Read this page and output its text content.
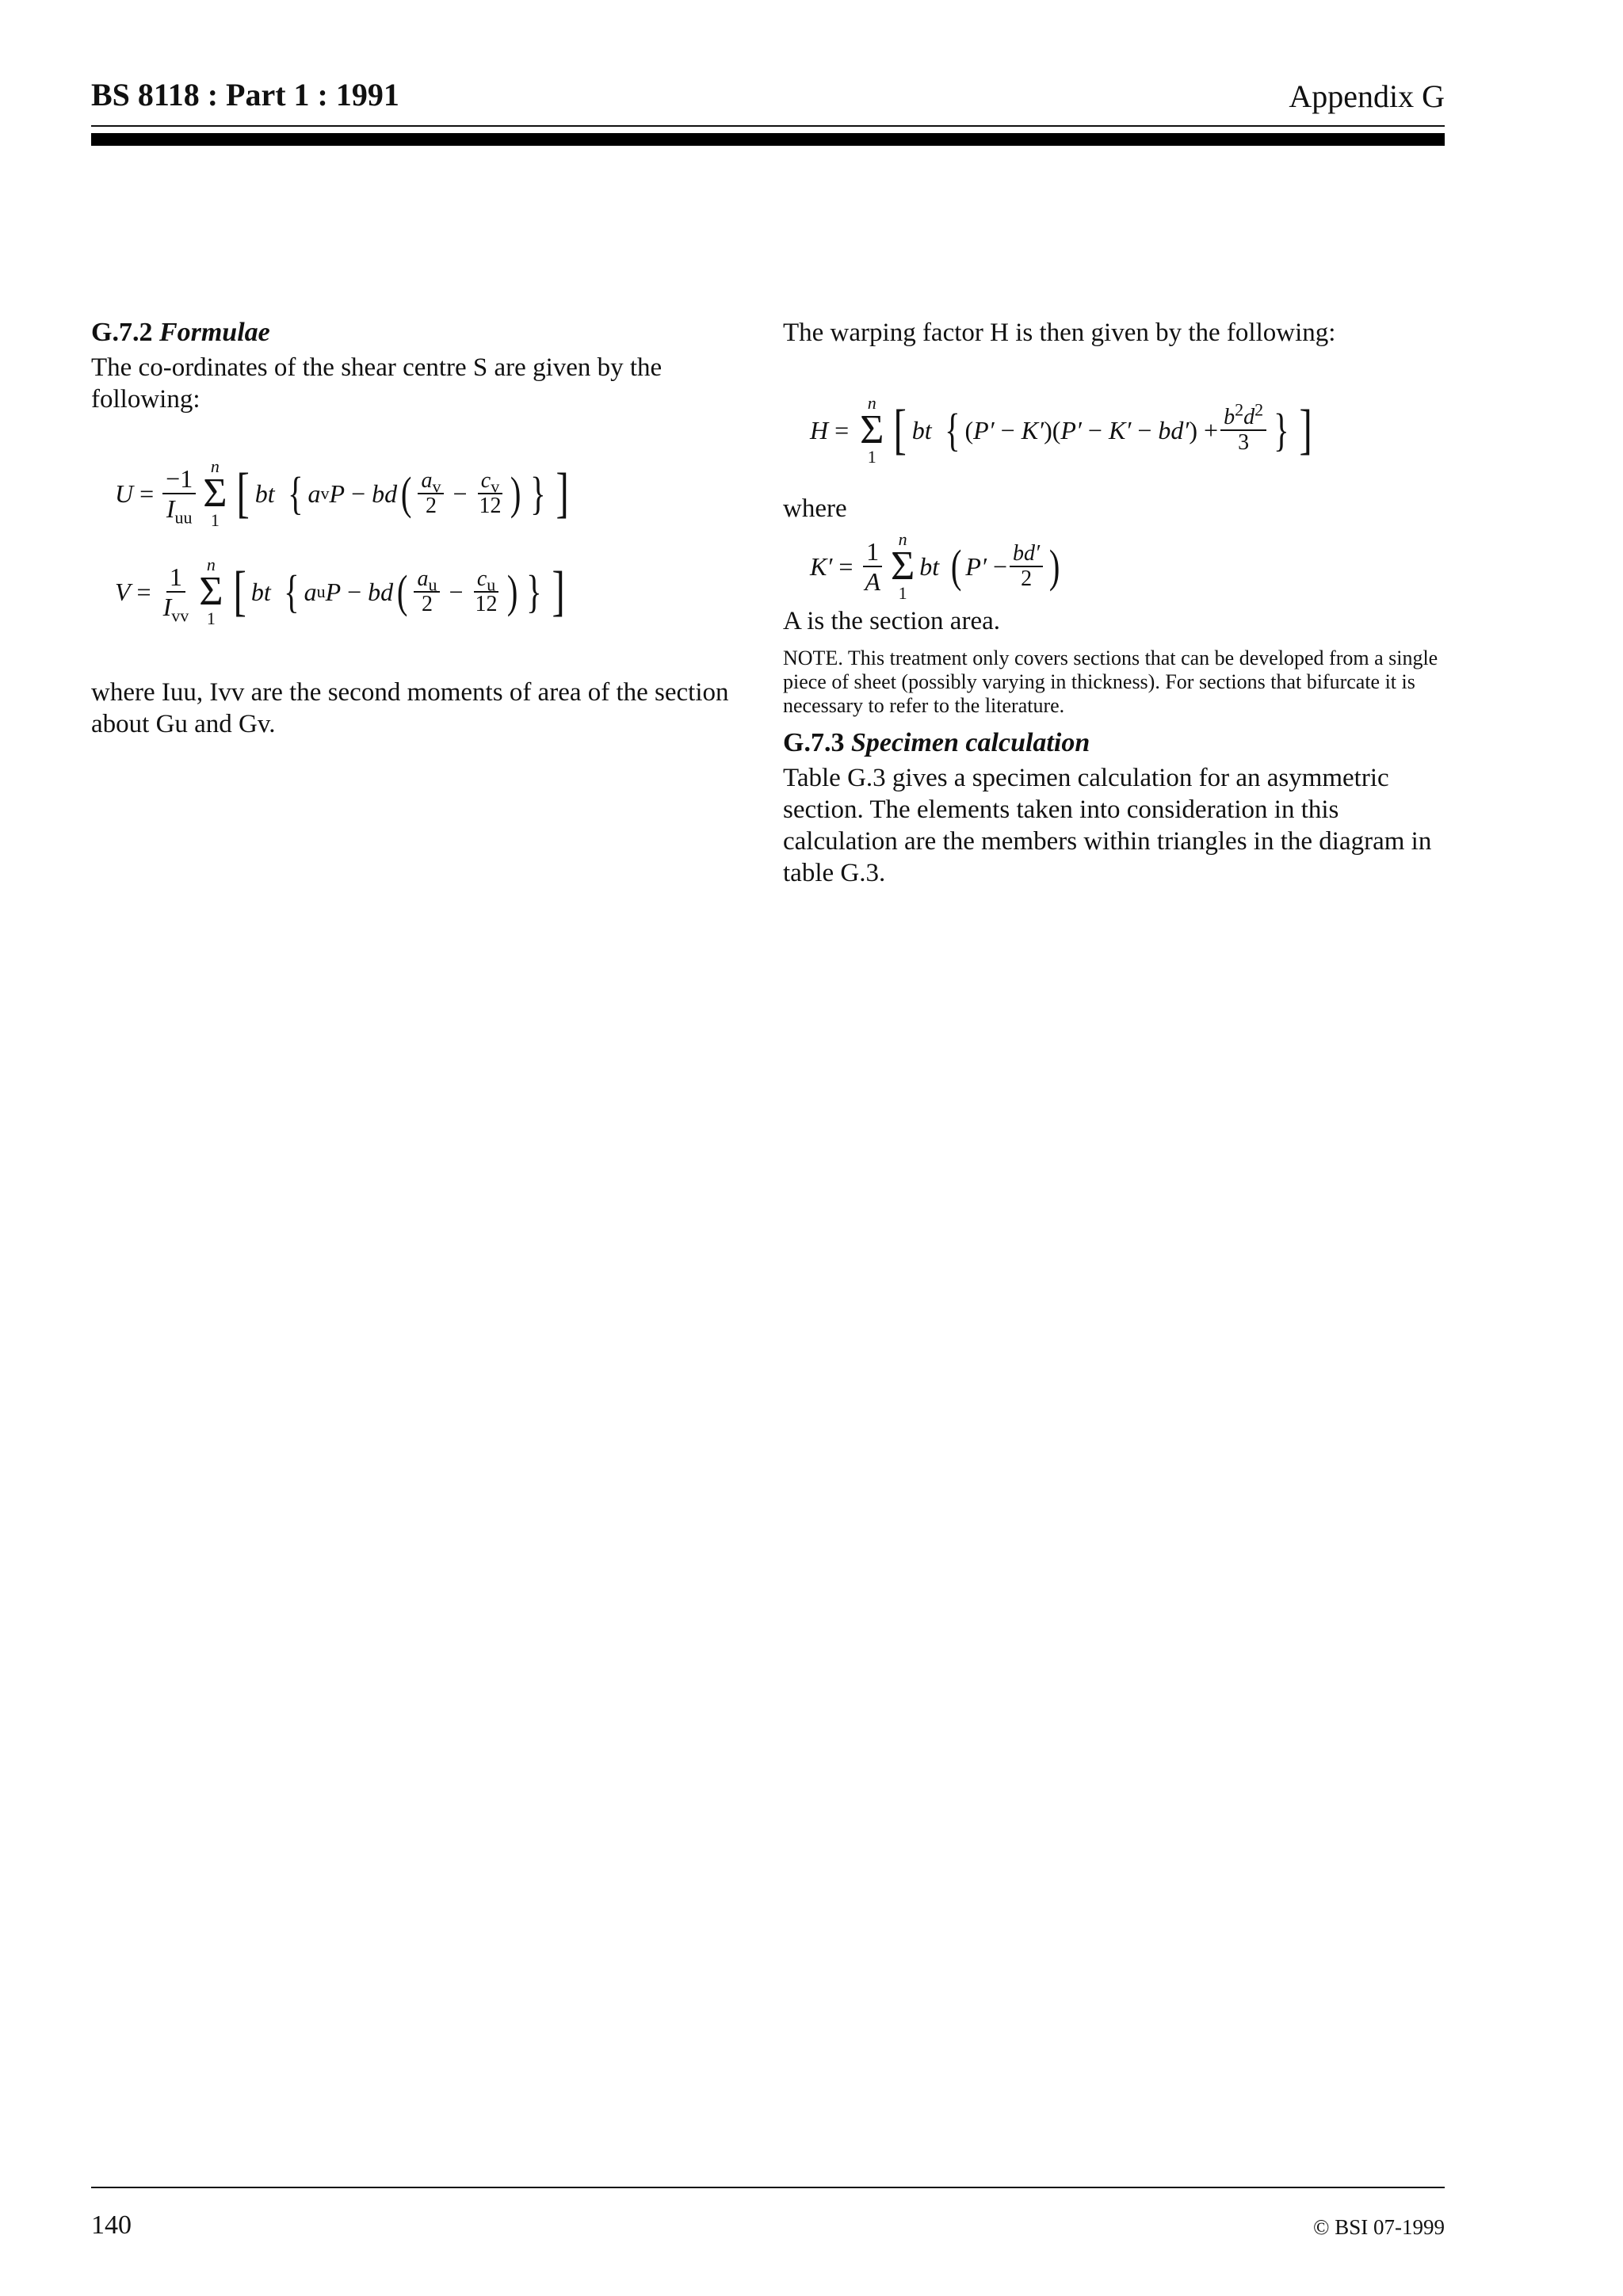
BS 8118 : Part 1 : 1991	Appendix G
G.7.2 Formulae

The co-ordinates of the shear centre S are given by the following:

$U = \frac{-1}{I_{uu}}$ n
Σ
1 [ bt { a v P − bd ( $\frac{a_v}{2} - \frac{c_v}{12}$ ) } ]
$V = \frac{1}{I_{vv}}$ n
Σ
1 [ bt { a u P − bd ( $\frac{a_u}{2} - \frac{c_u}{12}$ ) } ]

where Iuu, Ivv are the second moments of area of the section about Gu and Gv.

The warping factor H is then given by the following:

H =
n
Σ
1 [ bt { ( P′ − K′ )( P′ − K′ − bd′ ) + $\frac{b^2d^2}{3}$ } ]

where

$K' = \frac{1}{A}$ n
Σ
1
bt ( $P' - \frac{bd'}{2}$ )

A is the section area.

NOTE. This treatment only covers sections that can be developed from a single piece of sheet (possibly varying in thickness). For sections that bifurcate it is necessary to refer to the literature.

G.7.3 Specimen calculation

Table G.3 gives a specimen calculation for an asymmetric section. The elements taken into consideration in this calculation are the members within triangles in the diagram in table G.3.

140	© BSI 07-1999
